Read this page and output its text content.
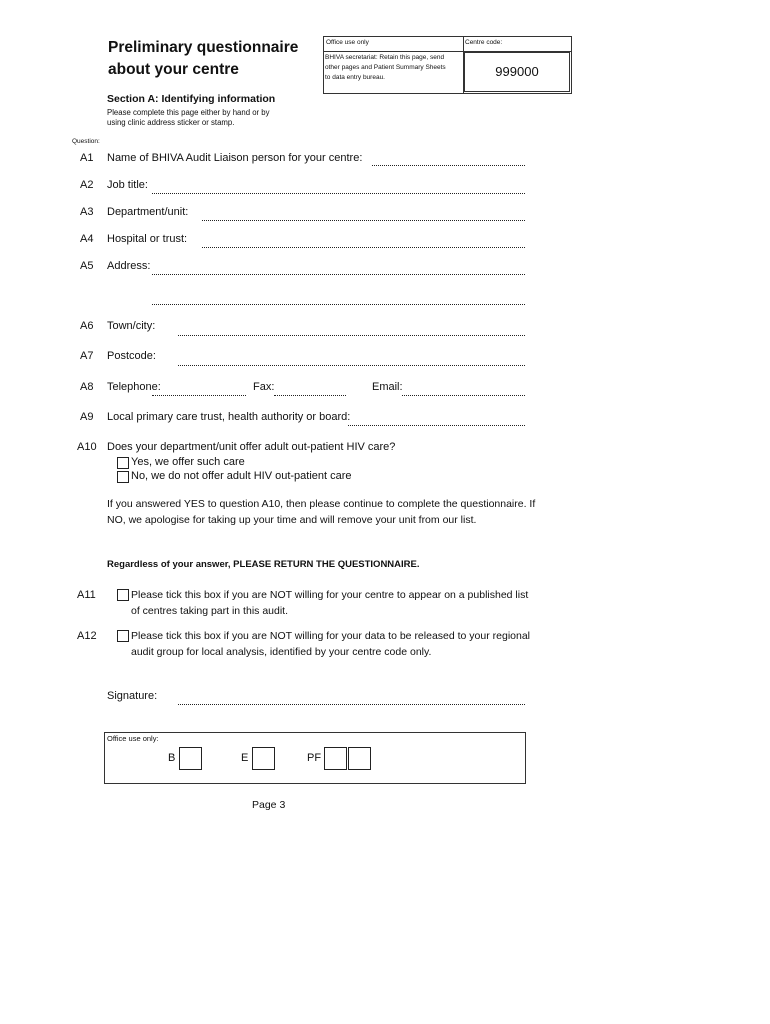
Preliminary questionnaire
about your centre
Office use only	Centre code:
BHIVA secretariat: Retain this page, send
other pages and Patient Summary Sheets
to data entry bureau.	999000
Section A: Identifying information
Please complete this page either by hand or by
using clinic address sticker or stamp.
Question:
A1 Name of BHIVA Audit Liaison person for your centre:
A2 Job title:
A3 Department/unit:
A4 Hospital or trust:
A5 Address:
A6 Town/city:
A7 Postcode:
A8 Telephone:	Fax:	Email:
A9 Local primary care trust, health authority or board:
A10 Does your department/unit offer adult out-patient HIV care?
Yes, we offer such care
No, we do not offer adult HIV out-patient care
If you answered YES to question A10, then please continue to complete the questionnaire. If
NO, we apologise for taking up your time and will remove your unit from our list.
Regardless of your answer, PLEASE RETURN THE QUESTIONNAIRE.
A11	Please tick this box if you are NOT willing for your centre to appear on a published list
of centres taking part in this audit.
A12	Please tick this box if you are NOT willing for your data to be released to your regional
audit group for local analysis, identified by your centre code only.
Signature:
Office use only:
B	E	PF
Page 3
